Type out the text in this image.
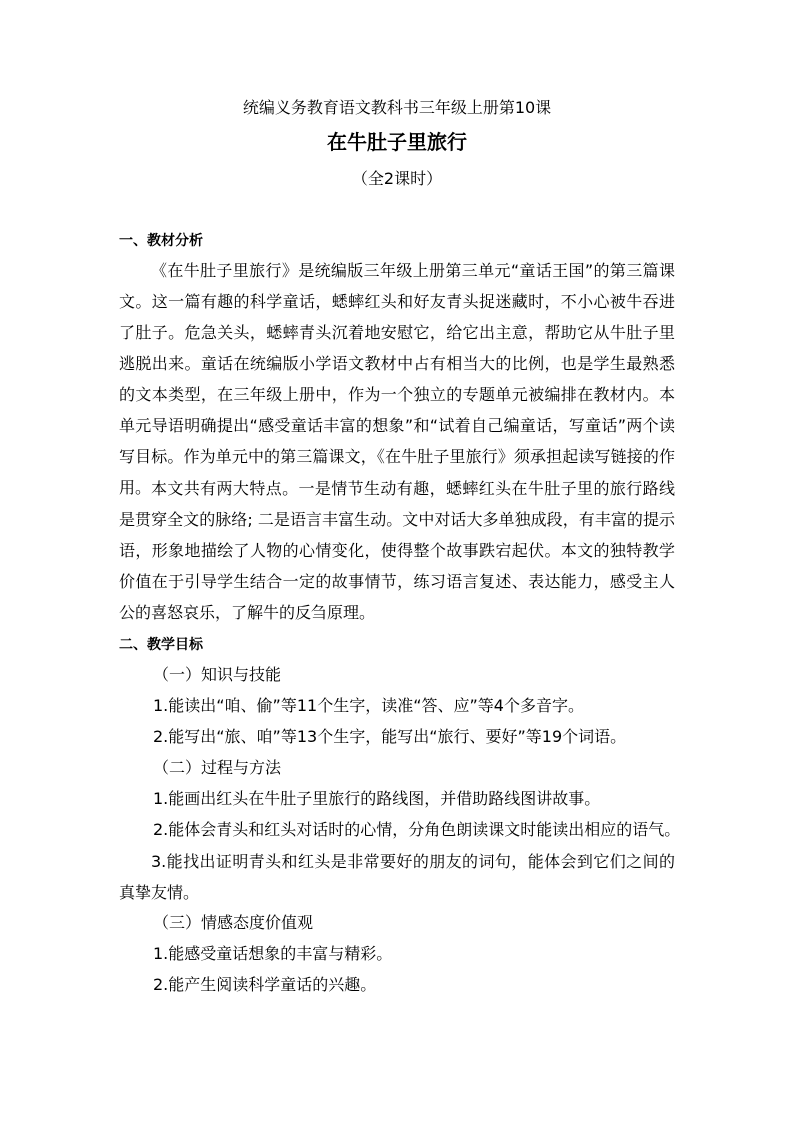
统编义务教育语文教科书三年级上册第10课
在牛肚子里旅行
（全2课时）
一、教材分析

《在牛肚子里旅行》是统编版三年级上册第三单元“童话王国”的第三篇课文。这一篇有趣的科学童话，蟋蟀红头和好友青头捉迷藏时，不小心被牛吞进了肚子。危急关头，蟋蟀青头沉着地安慰它，给它出主意，帮助它从牛肚子里逃脱出来。童话在统编版小学语文教材中占有相当大的比例，也是学生最熟悉的文本类型，在三年级上册中，作为一个独立的专题单元被编排在教材内。本单元导语明确提出“感受童话丰富的想象”和“试着自己编童话，写童话”两个读写目标。作为单元中的第三篇课文，《在牛肚子里旅行》须承担起读写链接的作用。 本文共有两大特点。一是情节生动有趣，蟋蟀红头在牛肚子里的旅行路线是贯穿全文的脉络; 二是语言丰富生动。文中对话大多单独成段，有丰富的提示语，形象地描绘了人物的心情变化，使得整个故事跌宕起伏。本文的独特教学价值在于引导学生结合一定的故事情节，练习语言复述、表达能力，感受主人公的喜怒哀乐，了解牛的反刍原理。

二、教学目标
（一）知识与技能
1.能读出“咱、偷”等11个生字，读准“答、应”等4个多音字。
2.能写出“旅、咱”等13个生字，能写出“旅行、要好”等19个词语。
（二）过程与方法
1.能画出红头在牛肚子里旅行的路线图，并借助路线图讲故事。
2.能体会青头和红头对话时的心情，分角色朗读课文时能读出相应的语气。

3.能找出证明青头和红头是非常要好的朋友的词句，能体会到它们之间的真挚友情。

（三）情感态度价值观
1.能感受童话想象的丰富与精彩。
2.能产生阅读科学童话的兴趣。
